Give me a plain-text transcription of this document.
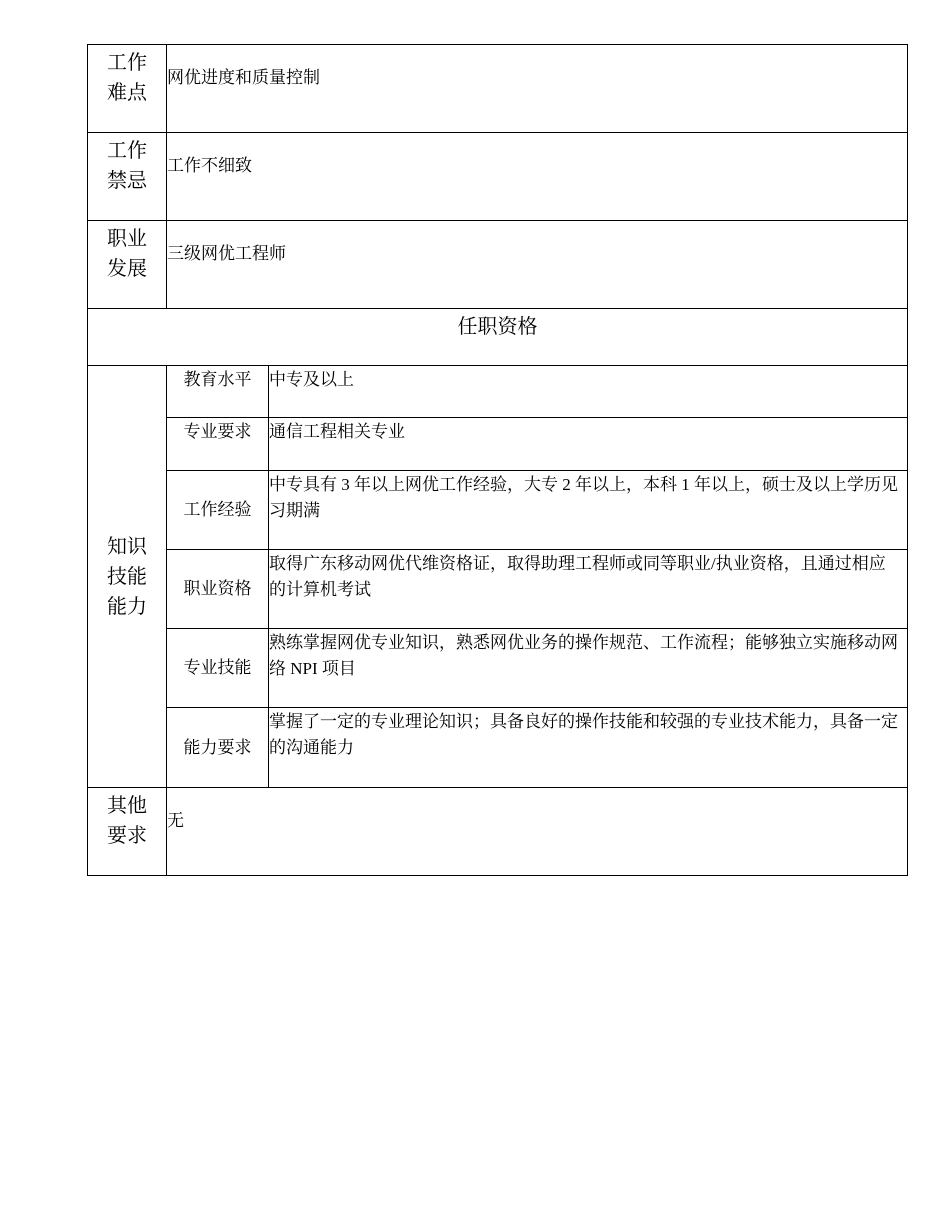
工作难点	网优进度和质量控制	

工作禁忌	工作不细致	

职业发展	三级网优工程师	
任职资格		

知识技能能力	教育水平	中专及以上
	专业要求	通信工程相关专业
	工作经验	中专具有 3 年以上网优工作经验，大专 2 年以上，本科 1 年以上，硕士及以上学历见习期满
	职业资格	取得广东移动网优代维资格证，取得助理工程师或同等职业/执业资格，且通过相应的计算机考试
	专业技能	熟练掌握网优专业知识，熟悉网优业务的操作规范、工作流程；能够独立实施移动网络 NPI 项目
	能力要求	掌握了一定的专业理论知识；具备良好的操作技能和较强的专业技术能力，具备一定的沟通能力

其他要求	无	
